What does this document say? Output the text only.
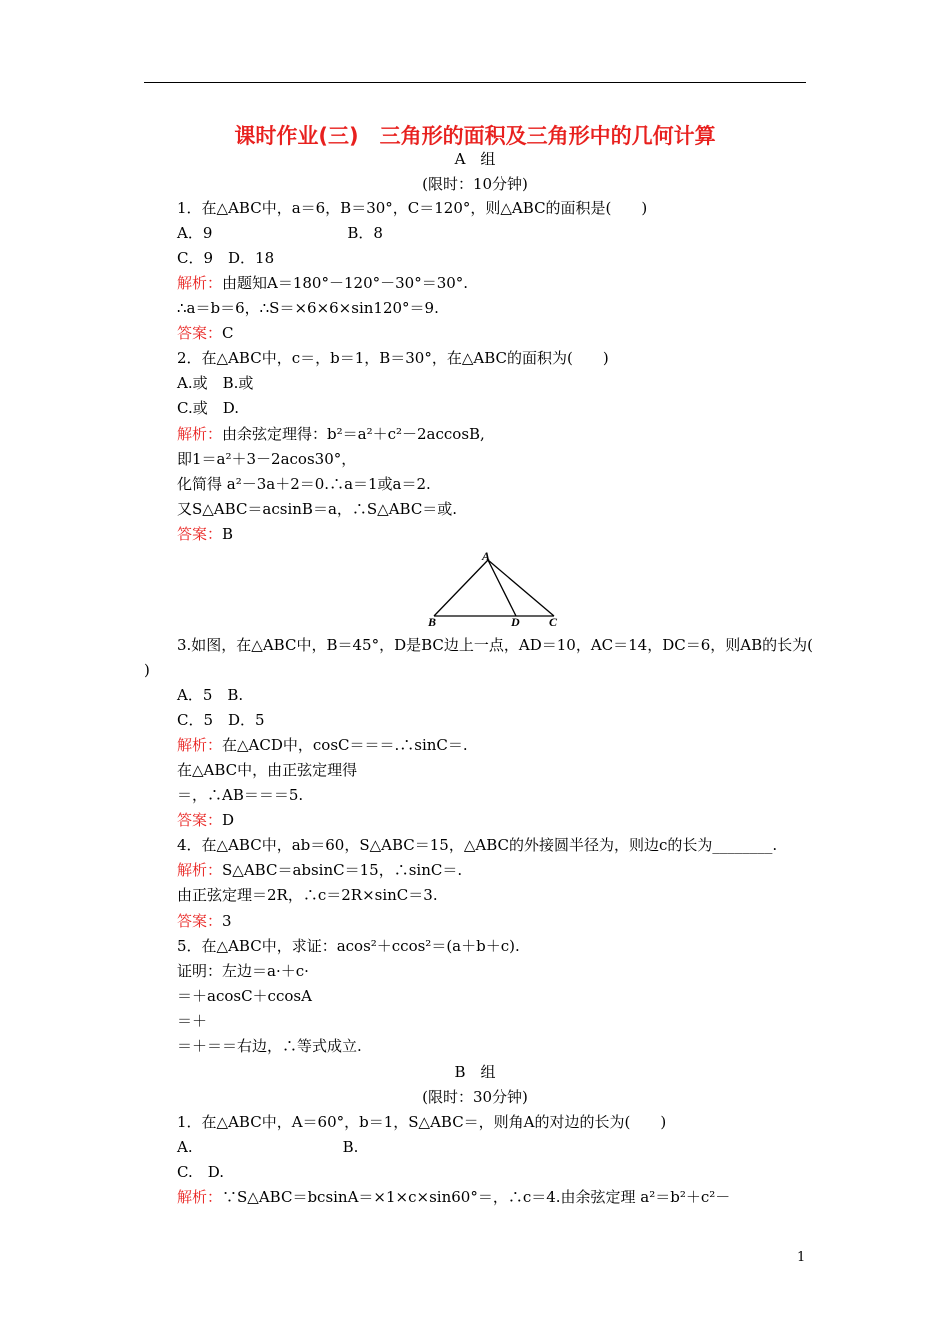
课时作业(三)　三角形的面积及三角形中的几何计算
A　组
(限时：10分钟)
1．在△ABC中，a＝6，B＝30°，C＝120°，则△ABC的面积是(　　)
A．9　　　　　　　　　B．8
C．9　D．18
解析：由题知A＝180°－120°－30°＝30°.
∴a＝b＝6，∴S＝×6×6×sin120°＝9.
答案：C
2．在△ABC中，c＝，b＝1，B＝30°，在△ABC的面积为(　　)
A.或　B.或
C.或　D.
解析：由余弦定理得：b²＝a²＋c²－2accosB,
即1＝a²＋3－2acos30°，
化简得 a²－3a＋2＝0.∴a＝1或a＝2.
又S△ABC＝acsinB＝a，∴S△ABC＝或.
答案：B
A
B	D C
3.如图，在△ABC中，B＝45°，D是BC边上一点，AD＝10，AC＝14，DC＝6，则AB的长为(
)
A．5　B.
C．5　D．5
解析：在△ACD中，cosC＝＝＝.∴sinC＝.
在△ABC中，由正弦定理得
＝，∴AB＝＝＝5.
答案：D
4．在△ABC中，ab＝60，S△ABC＝15，△ABC的外接圆半径为，则边c的长为________.
解析：S△ABC＝absinC＝15，∴sinC＝.
由正弦定理＝2R，∴c＝2R×sinC＝3.
答案：3
5．在△ABC中，求证：acos²＋ccos²＝(a＋b＋c).
证明：左边＝a·＋c·
＝＋acosC＋ccosA
＝＋
＝＋＝＝右边，∴等式成立.
B　组
(限时：30分钟)
1．在△ABC中，A＝60°，b＝1，S△ABC＝，则角A的对边的长为(　　)
A.　　　　　　　　　　B.
C.　D.
解析：∵S△ABC＝bcsinA＝×1×c×sin60°＝，∴c＝4.由余弦定理 a²＝b²＋c²－
1
